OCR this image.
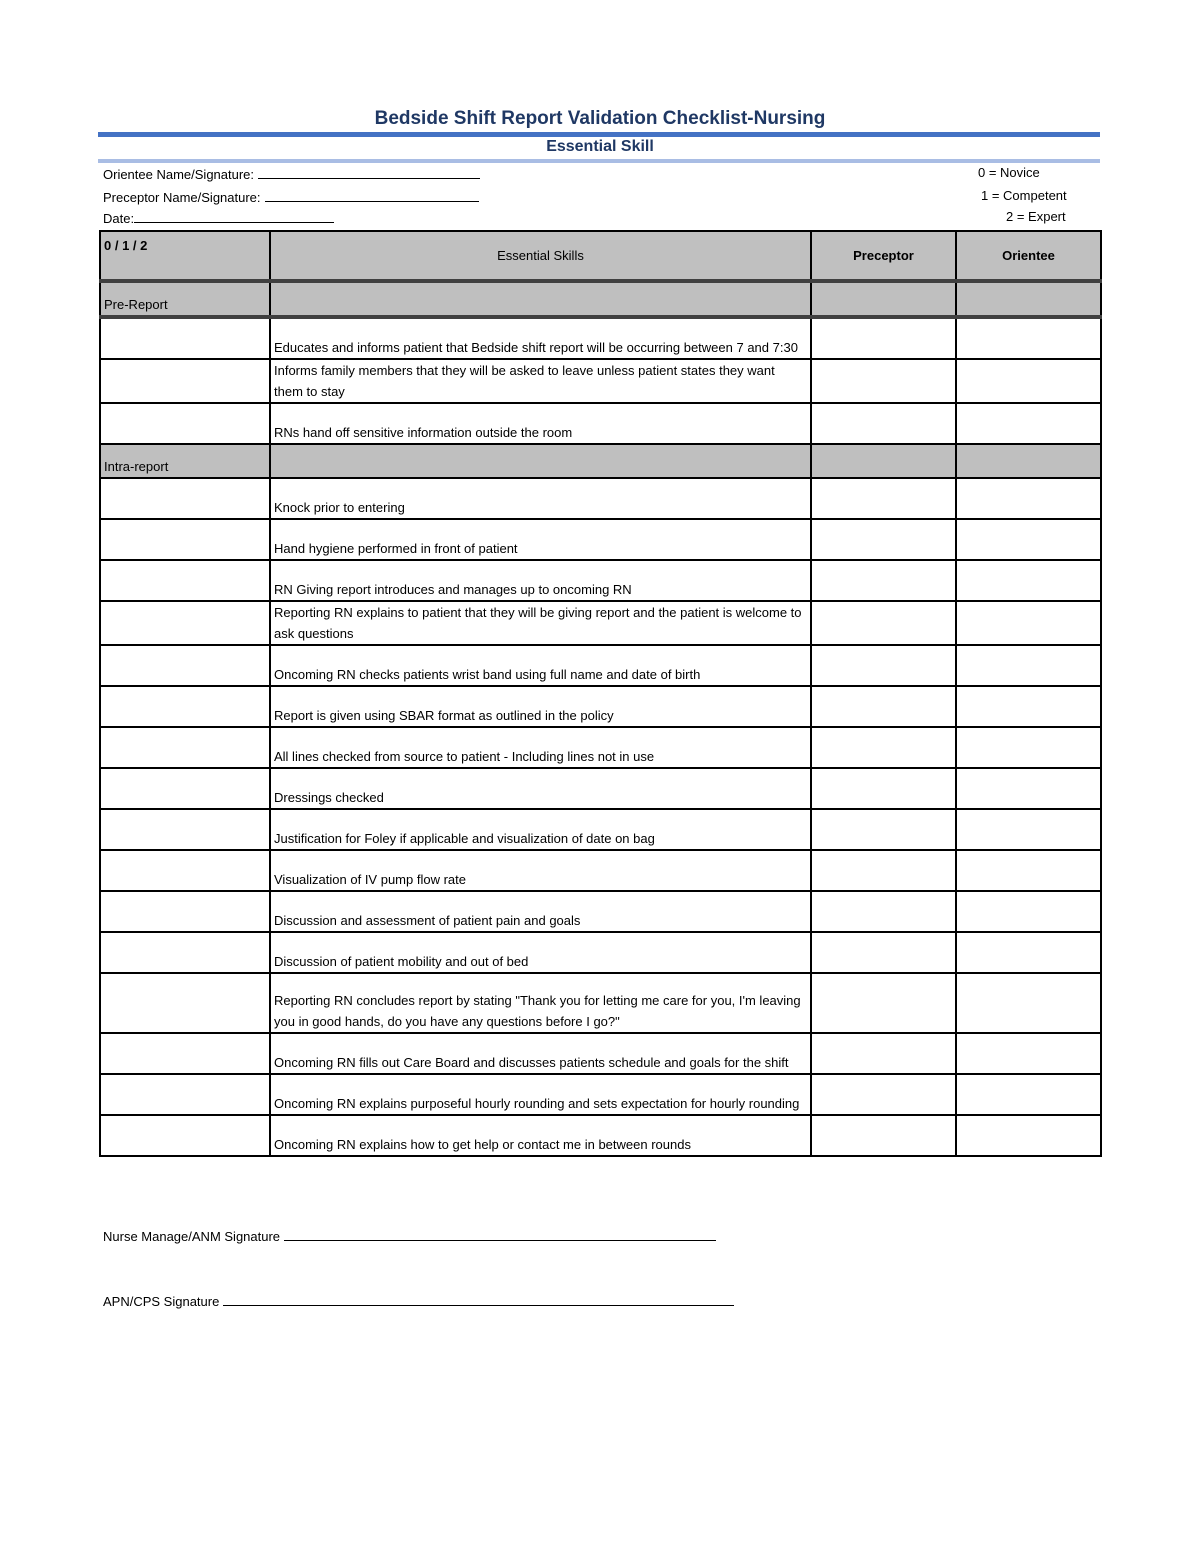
Bedside Shift Report Validation Checklist-Nursing
Essential Skill
Orientee Name/Signature:
Preceptor Name/Signature:
Date:
0 = Novice
1 = Competent
2 = Expert
0 / 1 / 2	Essential Skills	Preceptor	Orientee
Pre-Report			
	Educates and informs patient that Bedside shift report will be occurring between 7 and 7:30		
	Informs family members that they will be asked to leave unless patient states they want them to stay		
	RNs hand off sensitive information outside the room		
Intra-report			
	Knock prior to entering		
	Hand hygiene performed in front of patient		
	RN Giving report introduces and manages up to oncoming RN		
	Reporting RN explains to patient that they will be giving report and the patient is welcome to ask questions		
	Oncoming RN checks patients wrist band using full name and date of birth		
	Report is given using SBAR format as outlined in the policy		
	All lines checked from source to patient - Including lines not in use		
	Dressings checked		
	Justification for Foley if applicable and visualization of date on bag		
	Visualization of IV pump flow rate		
	Discussion and assessment of patient pain and goals		
	Discussion of patient mobility and out of bed		
	Reporting RN concludes report by stating "Thank you for letting me care for you, I'm leaving you in good hands, do you have any questions before I go?"		
	Oncoming RN fills out Care Board and discusses patients schedule and goals for the shift		
	Oncoming RN explains purposeful hourly rounding and sets expectation for hourly rounding		
	Oncoming RN explains how to get help or contact me in between rounds		
Nurse Manage/ANM Signature
APN/CPS Signature
